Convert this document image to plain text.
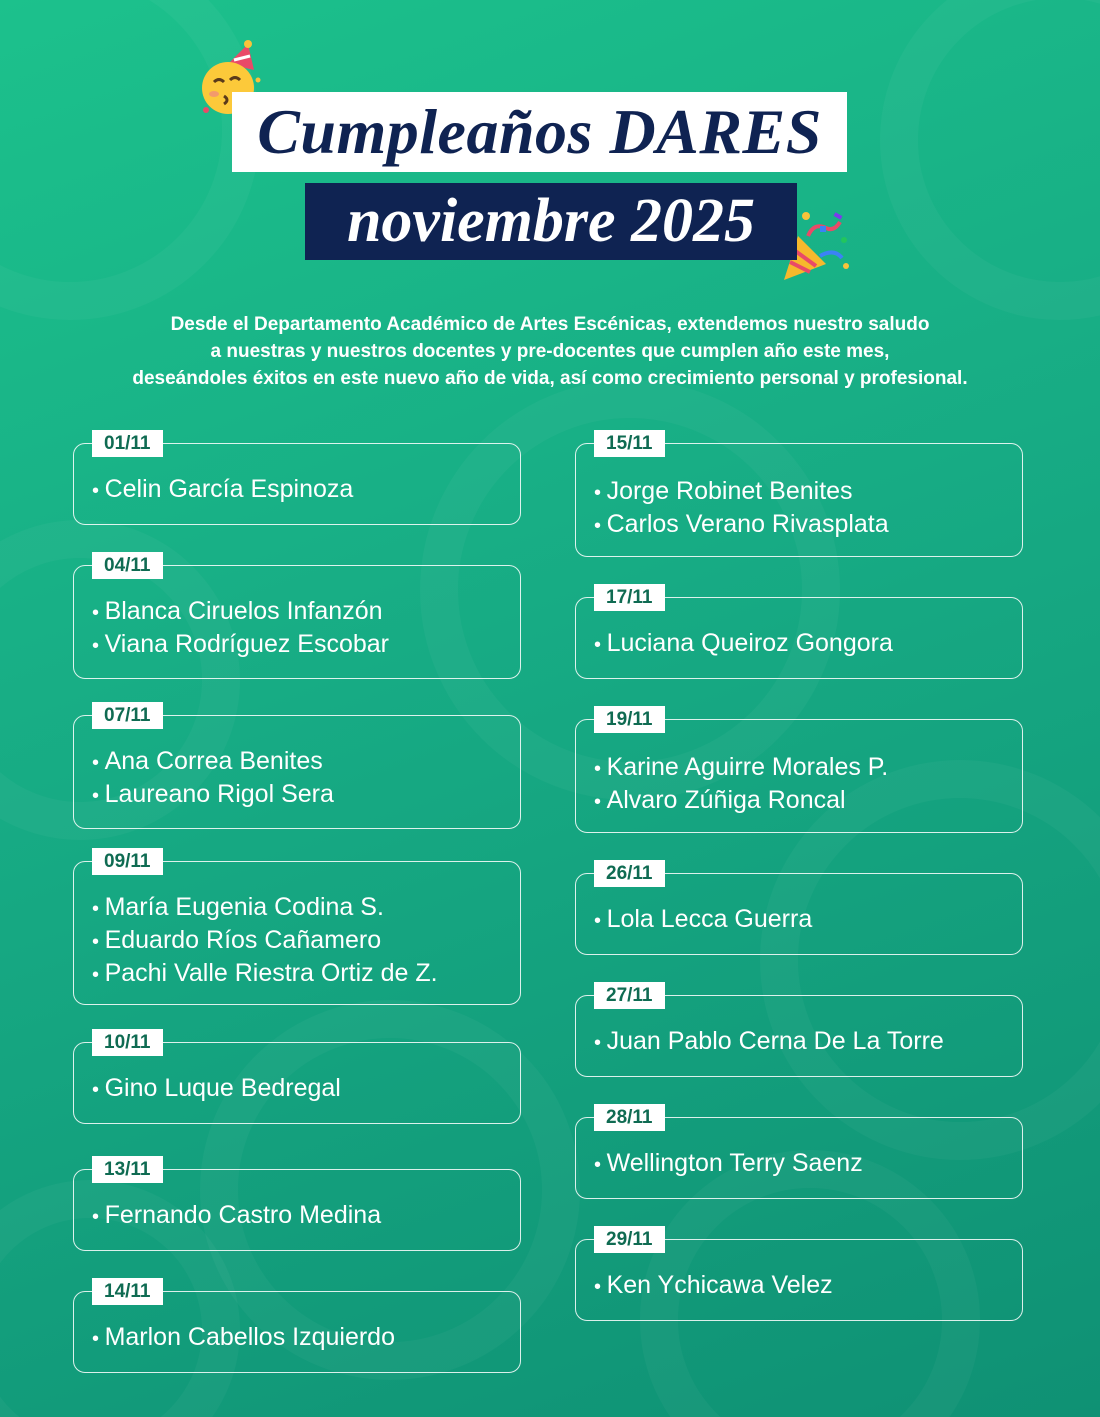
Cumpleaños DARES
noviembre 2025

Desde el Departamento Académico de Artes Escénicas, extendemos nuestro saludo

a nuestras y nuestros docentes y pre-docentes que cumplen año este mes,

deseándoles éxitos en este nuevo año de vida, así como crecimiento personal y profesional.

01/11
• Celin García Espinoza
04/11
• Blanca Ciruelos Infanzón
• Viana Rodríguez Escobar
07/11
• Ana Correa Benites
• Laureano Rigol Sera
09/11
• María Eugenia Codina S.
• Eduardo Ríos Cañamero
• Pachi Valle Riestra Ortiz de Z.
10/11
• Gino Luque Bedregal
13/11
• Fernando Castro Medina
14/11
• Marlon Cabellos Izquierdo
15/11
• Jorge Robinet Benites
• Carlos Verano Rivasplata
17/11
• Luciana Queiroz Gongora
19/11
• Karine Aguirre Morales P.
• Alvaro Zúñiga Roncal
26/11
• Lola Lecca Guerra
27/11
• Juan Pablo Cerna De La Torre
28/11
• Wellington Terry Saenz
29/11
• Ken Ychicawa Velez
